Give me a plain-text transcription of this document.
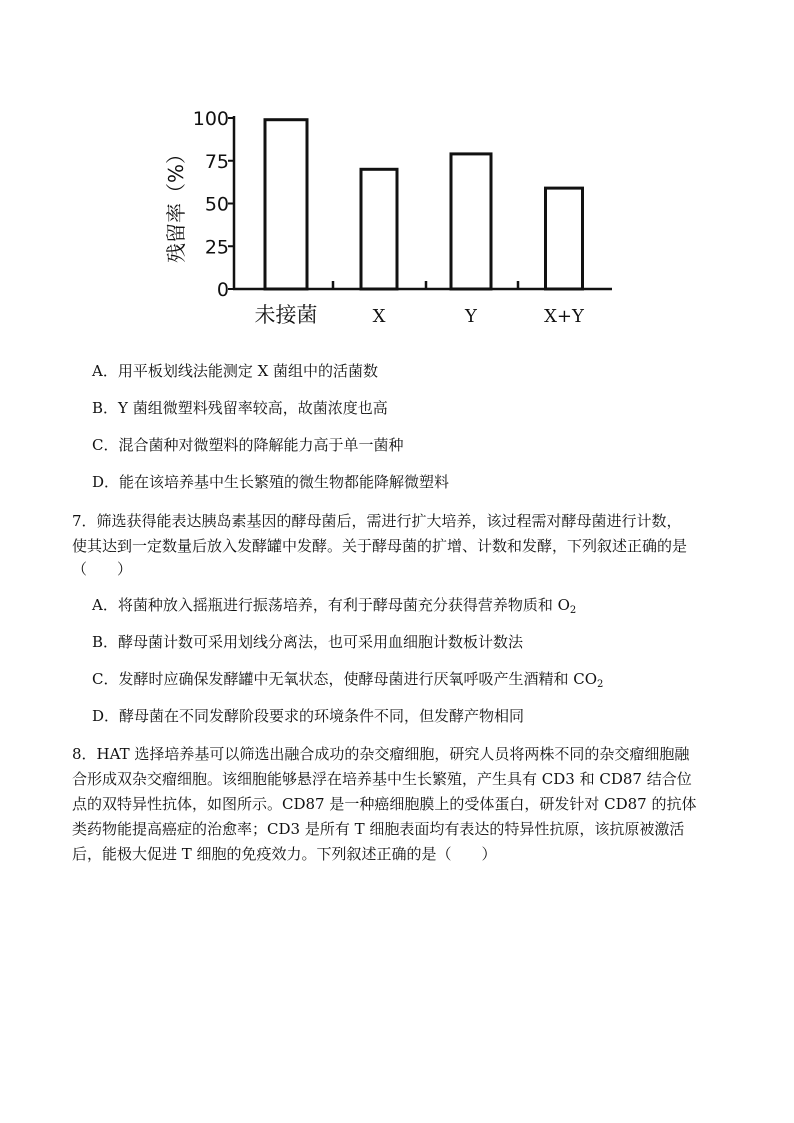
0
25
50
75
100
残留率（%）
未接菌	X	Y	X+Y
A．用平板划线法能测定 X 菌组中的活菌数
B．Y 菌组微塑料残留率较高，故菌浓度也高
C．混合菌种对微塑料的降解能力高于单一菌种
D．能在该培养基中生长繁殖的微生物都能降解微塑料
7．筛选获得能表达胰岛素基因的酵母菌后，需进行扩大培养，该过程需对酵母菌进行计数，
使其达到一定数量后放入发酵罐中发酵。关于酵母菌的扩增、计数和发酵，下列叙述正确的是
（　　）
A．将菌种放入摇瓶进行振荡培养，有利于酵母菌充分获得营养物质和 $O_2$
B．酵母菌计数可采用划线分离法，也可采用血细胞计数板计数法
C．发酵时应确保发酵罐中无氧状态，使酵母菌进行厌氧呼吸产生酒精和 $CO_2$
D．酵母菌在不同发酵阶段要求的环境条件不同，但发酵产物相同
8．HAT 选择培养基可以筛选出融合成功的杂交瘤细胞，研究人员将两株不同的杂交瘤细胞融
合形成双杂交瘤细胞。该细胞能够悬浮在培养基中生长繁殖，产生具有 CD3 和 CD87 结合位
点的双特异性抗体，如图所示。CD87 是一种癌细胞膜上的受体蛋白，研发针对 CD87 的抗体
类药物能提高癌症的治愈率；CD3 是所有 T 细胞表面均有表达的特异性抗原，该抗原被激活
后，能极大促进 T 细胞的免疫效力。下列叙述正确的是（　　）
